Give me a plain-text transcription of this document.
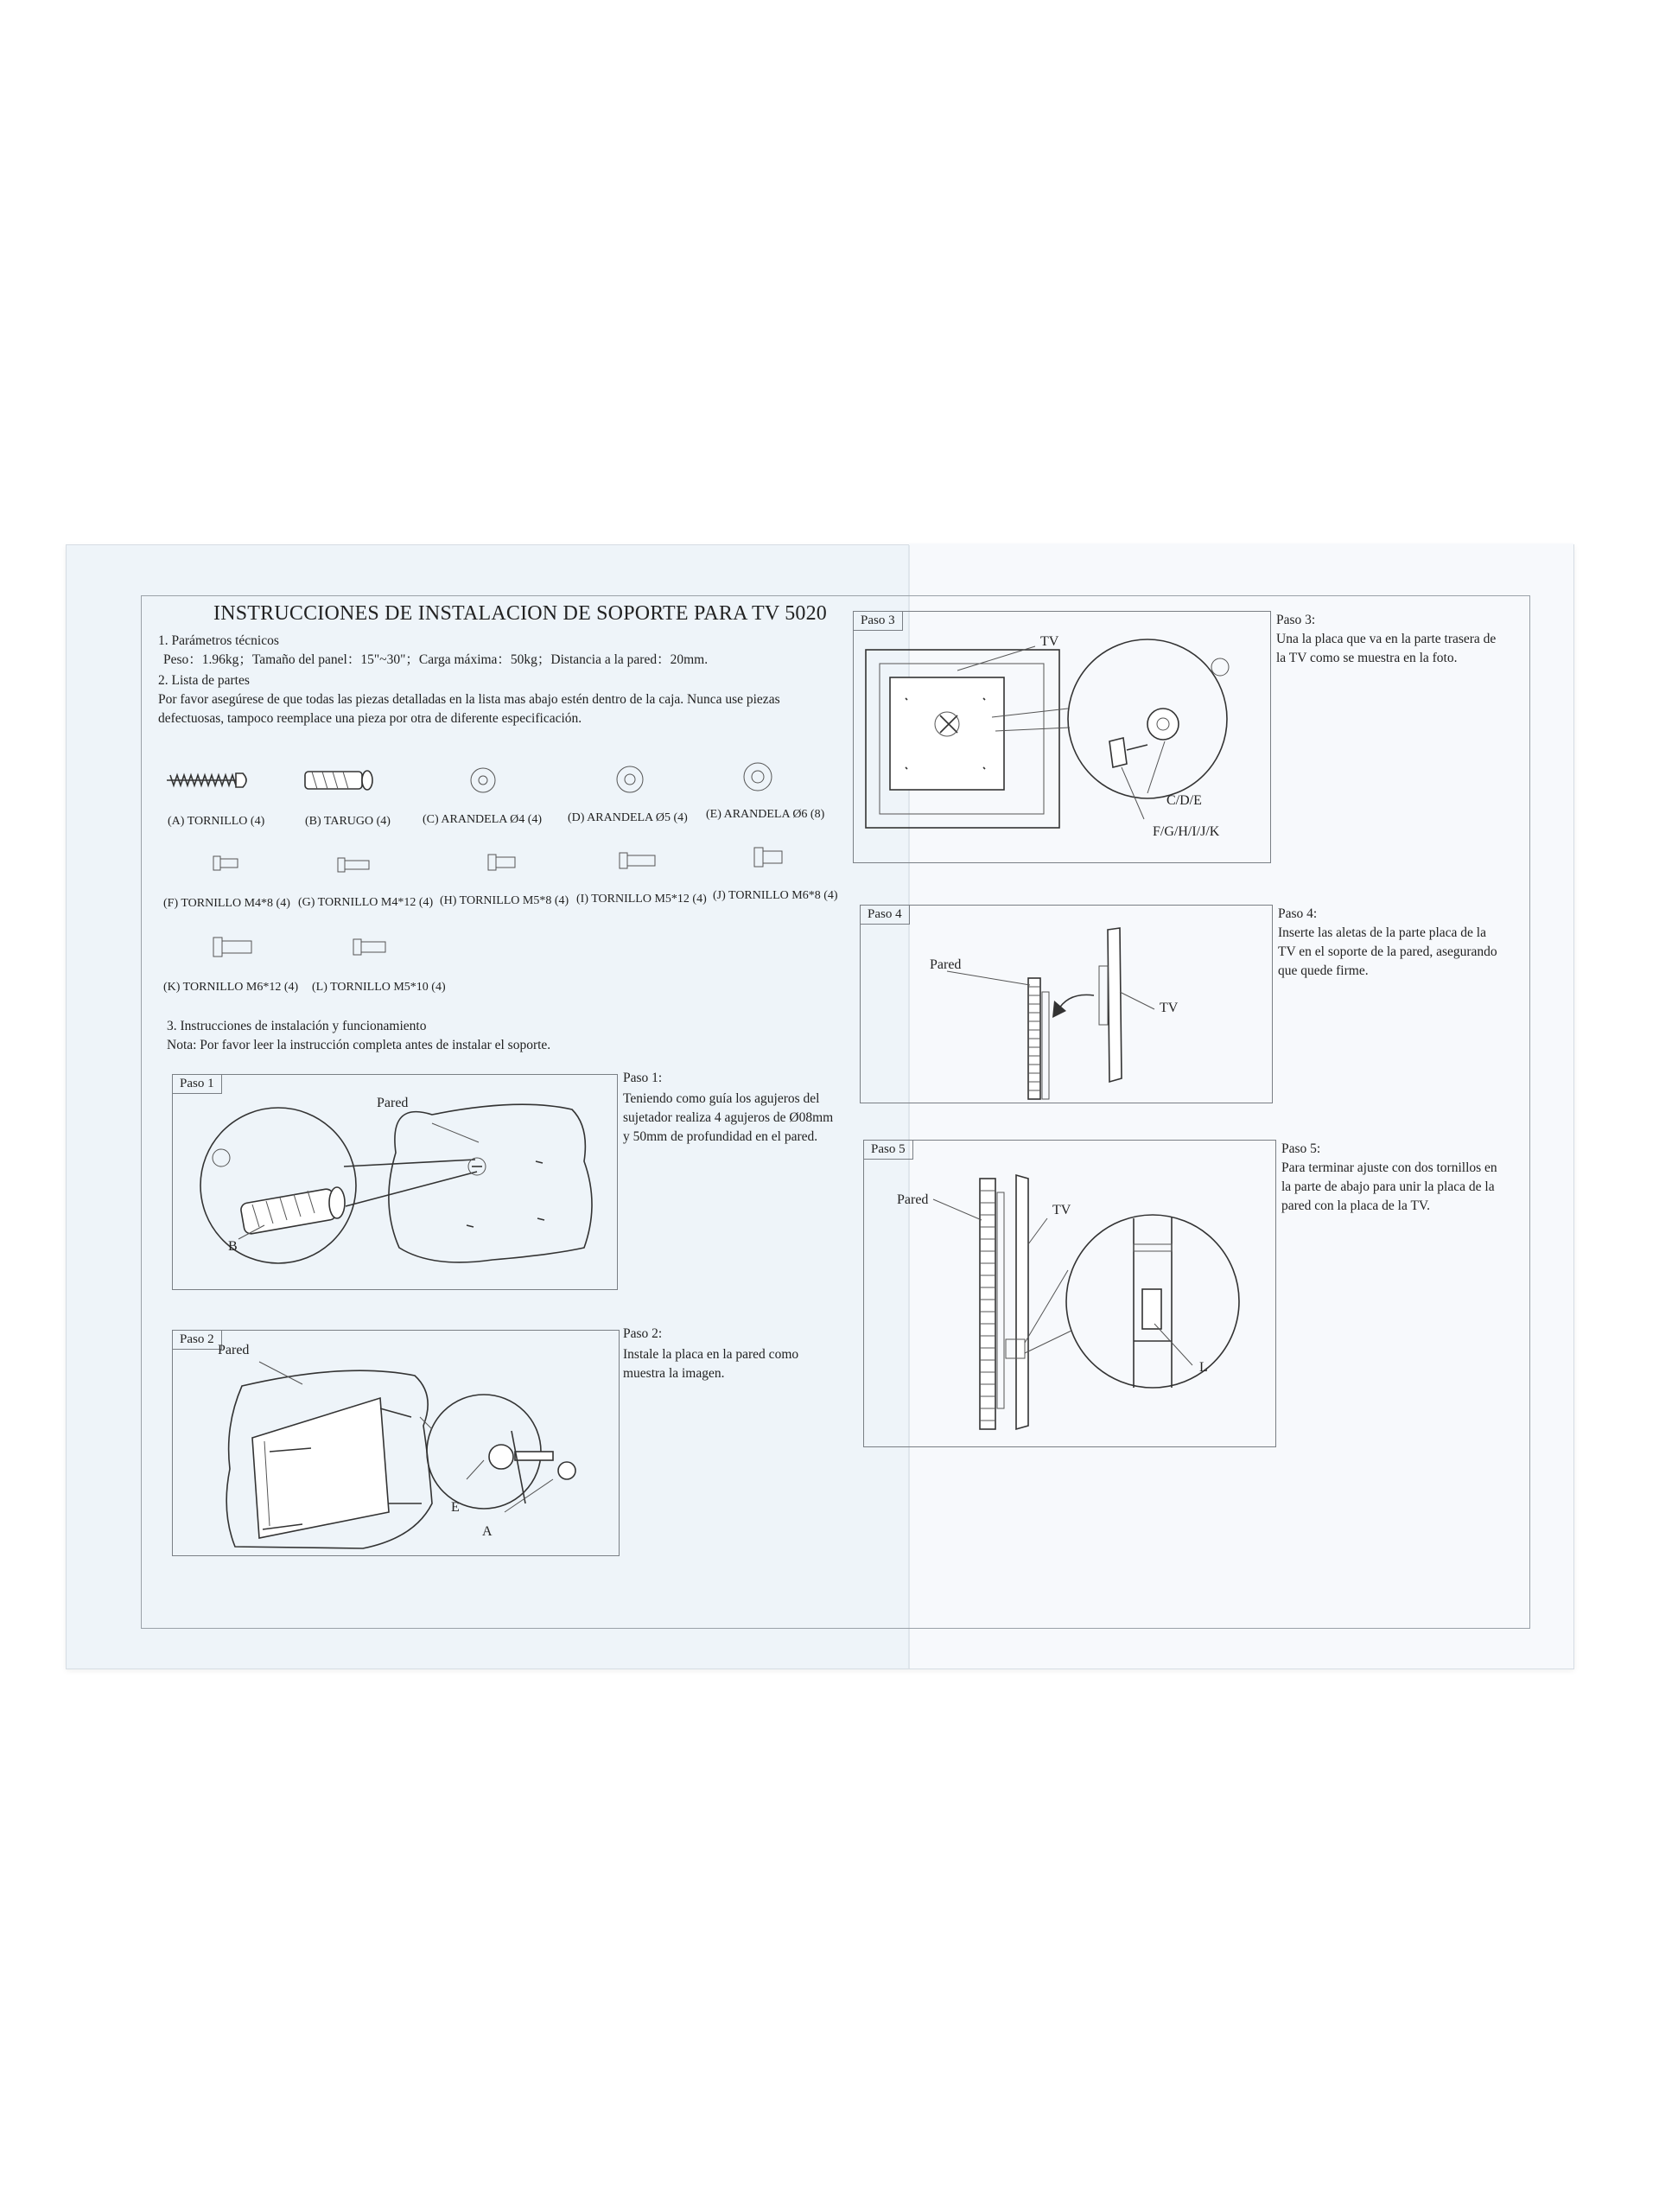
INSTRUCCIONES DE INSTALACION DE SOPORTE PARA TV 5020
1. Parámetros técnicos
Peso：1.96kg；Tamaño del panel：15"~30"；Carga máxima：50kg；Distancia a la pared：20mm.
2. Lista de partes
Por favor asegúrese de que todas las piezas detalladas en la lista mas abajo estén dentro de la caja. Nunca use piezas
defectuosas, tampoco reemplace una pieza por otra de diferente especificación.
(A) TORNILLO (4)	(B) TARUGO (4)	(C) ARANDELA Ø4 (4) (D) ARANDELA Ø5 (4) (E) ARANDELA Ø6 (8)
(F) TORNILLO M4*8 (4) (G) TORNILLO M4*12 (4) (H) TORNILLO M5*8 (4) (I) TORNILLO M5*12 (4) (J) TORNILLO M6*8 (4)
(K) TORNILLO M6*12 (4) (L) TORNILLO M5*10 (4)
3. Instrucciones de instalación y funcionamiento
Nota: Por favor leer la instrucción completa antes de instalar el soporte.
Paso 1
Pared
B
Paso 1:
Teniendo como guía los agujeros del
sujetador realiza 4 agujeros de Ø08mm
y 50mm de profundidad en el pared.
Paso 2
Pared
E
A
Paso 2:
Instale la placa en la pared como
muestra la imagen.
Paso 3
TV
C/D/E
F/G/H/I/J/K
Paso 3:
Una la placa que va en la parte trasera de
la TV como se muestra en la foto.
Paso 4
Pared
TV
Paso 4:
Inserte las aletas de la parte placa de la
TV en el soporte de la pared, asegurando
que quede firme.
Paso 5
Pared
TV
L
Paso 5:
Para terminar ajuste con dos tornillos en
la parte de abajo para unir la placa de la
pared con la placa de la TV.
